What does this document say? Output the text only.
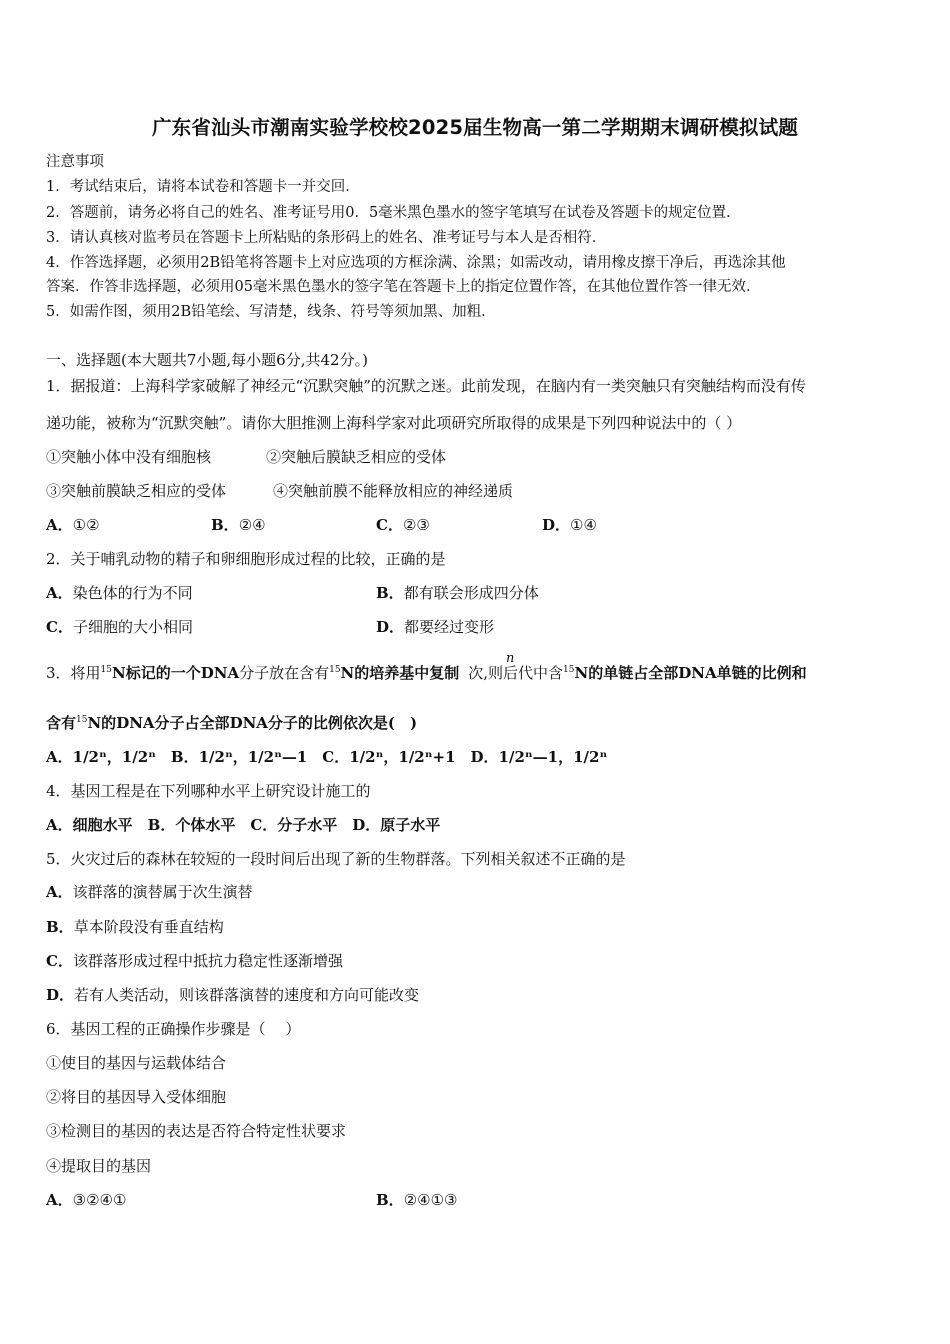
广东省汕头市潮南实验学校校2025届生物高一第二学期期末调研模拟试题
注意事项
1．考试结束后，请将本试卷和答题卡一并交回．
2．答题前，请务必将自己的姓名、准考证号用0．5毫米黑色墨水的签字笔填写在试卷及答题卡的规定位置．
3．请认真核对监考员在答题卡上所粘贴的条形码上的姓名、准考证号与本人是否相符．
4．作答选择题，必须用2B铅笔将答题卡上对应选项的方框涂满、涂黑；如需改动，请用橡皮擦干净后，再选涂其他
答案．作答非选择题，必须用05毫米黑色墨水的签字笔在答题卡上的指定位置作答，在其他位置作答一律无效．
5．如需作图，须用2B铅笔绘、写清楚，线条、符号等须加黑、加粗．
一、选择题(本大题共7小题,每小题6分,共42分。)
1．据报道：上海科学家破解了神经元“沉默突触”的沉默之迷。此前发现，在脑内有一类突触只有突触结构而没有传
递功能，被称为“沉默突触”。请你大胆推测上海科学家对此项研究所取得的成果是下列四种说法中的（ ）
①突触小体中没有细胞核	②突触后膜缺乏相应的受体
③突触前膜缺乏相应的受体	④突触前膜不能释放相应的神经递质
A．①②	B．②④	C．②③	D．①④
2．关于哺乳动物的精子和卵细胞形成过程的比较，正确的是
A．染色体的行为不同	B．都有联会形成四分体
C．子细胞的大小相同	D．都要经过变形
n
3．将用$^{15}$N标记的一个DNA分子放在含有$^{15}$N的培养基中复制 次,则后代中含$^{15}$N的单链占全部DNA单链的比例和
含有$^{15}$N的DNA分子占全部DNA分子的比例依次是(　)
A．1/2ⁿ，1/2ⁿ　B．1/2ⁿ，1/2ⁿ—1　C．1/2ⁿ，1/2ⁿ+1　D．1/2ⁿ—1，1/2ⁿ
4．基因工程是在下列哪种水平上研究设计施工的
A．细胞水平　B．个体水平　C．分子水平　D．原子水平
5．火灾过后的森林在较短的一段时间后出现了新的生物群落。下列相关叙述不正确的是
A．该群落的演替属于次生演替
B．草本阶段没有垂直结构
C．该群落形成过程中抵抗力稳定性逐渐增强
D．若有人类活动，则该群落演替的速度和方向可能改变
6．基因工程的正确操作步骤是（　 ）
①使目的基因与运载体结合
②将目的基因导入受体细胞
③检测目的基因的表达是否符合特定性状要求
④提取目的基因
A．③②④①	B．②④①③
